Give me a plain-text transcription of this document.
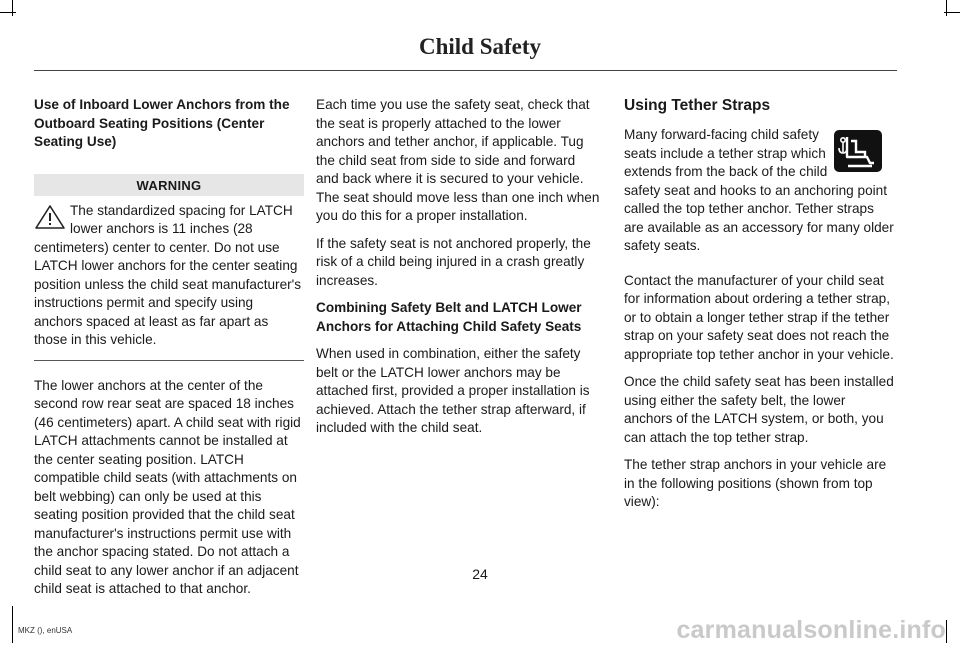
Child Safety

Use of Inboard Lower Anchors from the Outboard Seating Positions (Center Seating Use)

WARNING
The standardized spacing for LATCH lower anchors is 11 inches (28 centimeters) center to center. Do not use LATCH lower anchors for the center seating position unless the child seat manufacturer's instructions permit and specify using anchors spaced at least as far apart as those in this vehicle.

The lower anchors at the center of the second row rear seat are spaced 18 inches (46 centimeters) apart. A child seat with rigid LATCH attachments cannot be installed at the center seating position. LATCH compatible child seats (with attachments on belt webbing) can only be used at this seating position provided that the child seat manufacturer's instructions permit use with the anchor spacing stated. Do not attach a child seat to any lower anchor if an adjacent child seat is attached to that anchor.

Each time you use the safety seat, check that the seat is properly attached to the lower anchors and tether anchor, if applicable. Tug the child seat from side to side and forward and back where it is secured to your vehicle. The seat should move less than one inch when you do this for a proper installation.

If the safety seat is not anchored properly, the risk of a child being injured in a crash greatly increases.

Combining Safety Belt and LATCH Lower Anchors for Attaching Child Safety Seats

When used in combination, either the safety belt or the LATCH lower anchors may be attached first, provided a proper installation is achieved. Attach the tether strap afterward, if included with the child seat.

Using Tether Straps

Many forward-facing child safety seats include a tether strap which extends from the back of the child safety seat and hooks to an anchoring point called the top tether anchor. Tether straps are available as an accessory for many older safety seats.

Contact the manufacturer of your child seat for information about ordering a tether strap, or to obtain a longer tether strap if the tether strap on your safety seat does not reach the appropriate top tether anchor in your vehicle.

Once the child safety seat has been installed using either the safety belt, the lower anchors of the LATCH system, or both, you can attach the top tether strap.

The tether strap anchors in your vehicle are in the following positions (shown from top view):

24
MKZ (), enUSA	carmanualsonline.info
